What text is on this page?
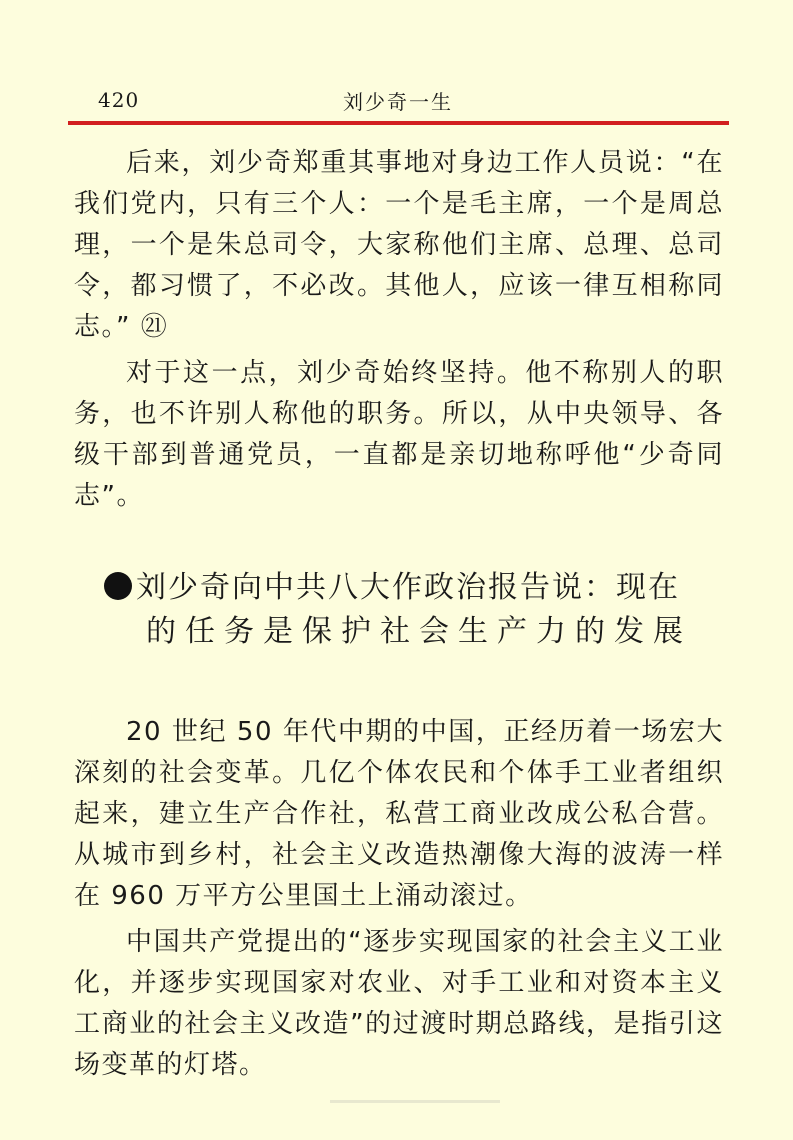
420	刘少奇一生

后来，刘少奇郑重其事地对身边工作人员说：“在我们党内，只有三个人：一个是毛主席，一个是周总理，一个是朱总司令，大家称他们主席、总理、总司令，都习惯了，不必改。其他人，应该一律互相称同志。” ㉑

对于这一点，刘少奇始终坚持。他不称别人的职务，也不许别人称他的职务。所以，从中央领导、各级干部到普通党员，一直都是亲切地称呼他“少奇同志”。

刘少奇向中共八大作政治报告说：现在
的任务是保护社会生产力的发展

20 世纪 50 年代中期的中国，正经历着一场宏大深刻的社会变革。几亿个体农民和个体手工业者组织起来，建立生产合作社，私营工商业改成公私合营。从城市到乡村，社会主义改造热潮像大海的波涛一样在 960 万平方公里国土上涌动滚过。

中国共产党提出的“逐步实现国家的社会主义工业化，并逐步实现国家对农业、对手工业和对资本主义工商业的社会主义改造”的过渡时期总路线，是指引这场变革的灯塔。
